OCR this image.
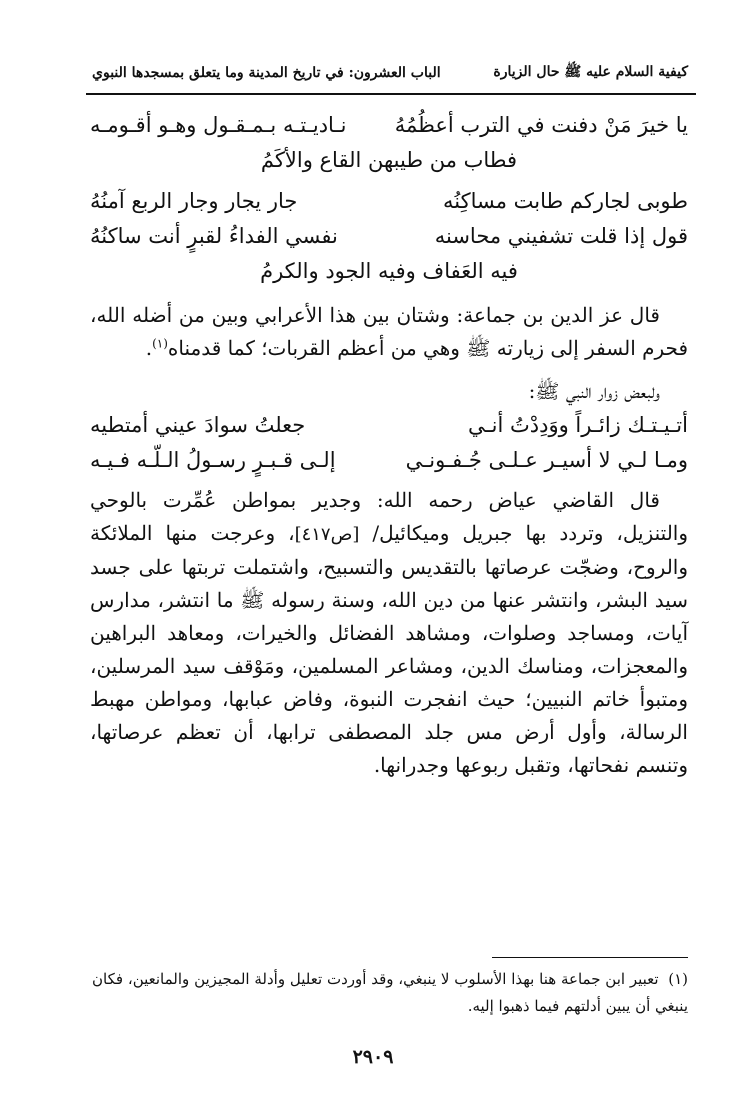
كيفية السلام عليه ﷺ حال الزيارة
الباب العشرون: في تاريخ المدينة وما يتعلق بمسجدها النبوي
يا خيرَ مَنْ دفنت في الترب أعظُمُهُ
نـاديـتـه بـمـقـول وهـو أقـومـه
فطاب من طيبهن القاع والأكَمُ
طوبى لجاركم طابت مساكِنُه
جار يجار وجار الربع آمنُهُ
قول إذا قلت تشفيني محاسنه
نفسي الفداءُ لقبرٍ أنت ساكنُهُ
فيه العَفاف وفيه الجود والكرمُ

قال عز الدين بن جماعة: وشتان بين هذا الأعرابي وبين من أضله الله، فحرم السفر إلى زيارته ﷺ وهي من أعظم القربات؛ كما قدمناه$^{(١)}$.

ولبعض زوار النبي ﷺ:

أتـيـتـك زائـراً ووَدِدْتُ أنـي
جعلتُ سوادَ عيني أمتطيه
ومـا لـي لا أسيـر عـلـى جُـفـونـي
إلـى قـبـرٍ رسـولُ الـلّـه فـيـه

قال القاضي عياض رحمه الله: وجدير بمواطن عُمِّرت بالوحي والتنزيل، وتردد بها جبريل وميكائيل/ [ص٤١٧]، وعرجت منها الملائكة والروح، وضجّت عرصاتها بالتقديس والتسبيح، واشتملت تربتها على جسد سيد البشر، وانتشر عنها من دين الله، وسنة رسوله ﷺ ما انتشر، مدارس آيات، ومساجد وصلوات، ومشاهد الفضائل والخيرات، ومعاهد البراهين والمعجزات، ومناسك الدين، ومشاعر المسلمين، ومَوْقف سيد المرسلين، ومتبوأ خاتم النبيين؛ حيث انفجرت النبوة، وفاض عبابها، ومواطن مهبط الرسالة، وأول أرض مس جلد المصطفى ترابها، أن تعظم عرصاتها، وتنسم نفحاتها، وتقبل ربوعها وجدرانها.

(١)  تعبير ابن جماعة هنا بهذا الأسلوب لا ينبغي، وقد أوردت تعليل وأدلة المجيزين والمانعين، فكان ينبغي أن يبين أدلتهم فيما ذهبوا إليه.

٢٩٠٩
